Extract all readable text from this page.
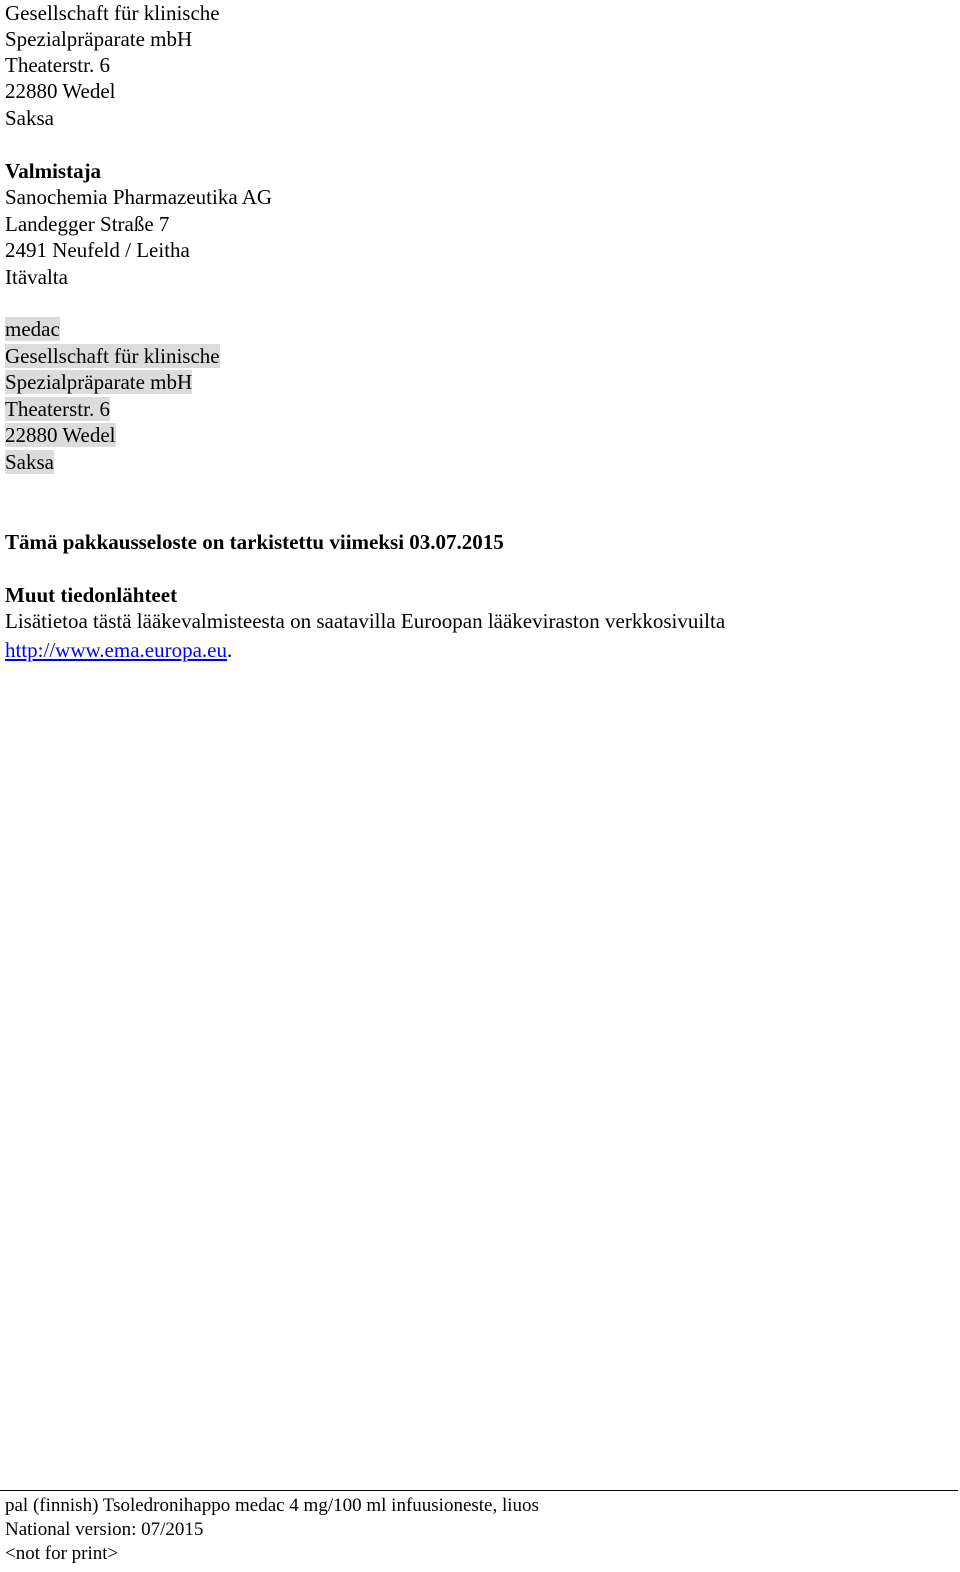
Gesellschaft für klinische
Spezialpräparate mbH
Theaterstr. 6
22880 Wedel
Saksa
Valmistaja
Sanochemia Pharmazeutika AG
Landegger Straße 7
2491 Neufeld / Leitha
Itävalta
medac
Gesellschaft für klinische
Spezialpräparate mbH
Theaterstr. 6
22880 Wedel
Saksa
Tämä pakkausseloste on tarkistettu viimeksi 03.07.2015
Muut tiedonlähteet
Lisätietoa tästä lääkevalmisteesta on saatavilla Euroopan lääkeviraston verkkosivuilta
http://www.ema.europa.eu.
pal (finnish) Tsoledronihappo medac 4 mg/100 ml infuusioneste, liuos
National version: 07/2015
<not for print>
